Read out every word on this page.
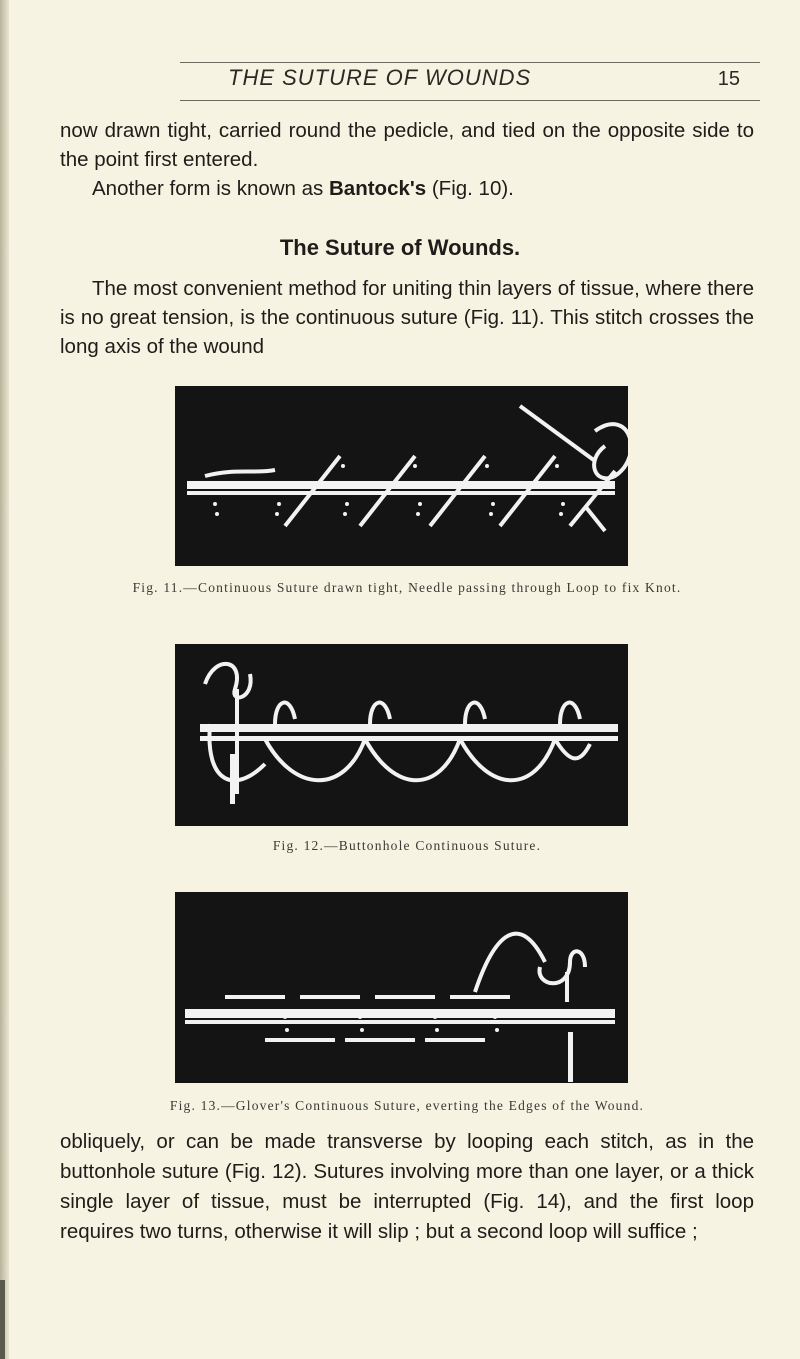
THE SUTURE OF WOUNDS	15

now drawn tight, carried round the pedicle, and tied on the opposite side to the point first entered.

Another form is known as Bantock's (Fig. 10).

The Suture of Wounds.

The most convenient method for uniting thin layers of tissue, where there is no great tension, is the continuous suture (Fig. 11). This stitch crosses the long axis of the wound

Fig. 11.—Continuous Suture drawn tight, Needle passing through Loop to fix Knot.
Fig. 12.—Buttonhole Continuous Suture.
Fig. 13.—Glover's Continuous Suture, everting the Edges of the Wound.

obliquely, or can be made transverse by looping each stitch, as in the buttonhole suture (Fig. 12). Sutures involving more than one layer, or a thick single layer of tissue, must be interrupted (Fig. 14), and the first loop requires two turns, otherwise it will slip ; but a second loop will suffice ;
